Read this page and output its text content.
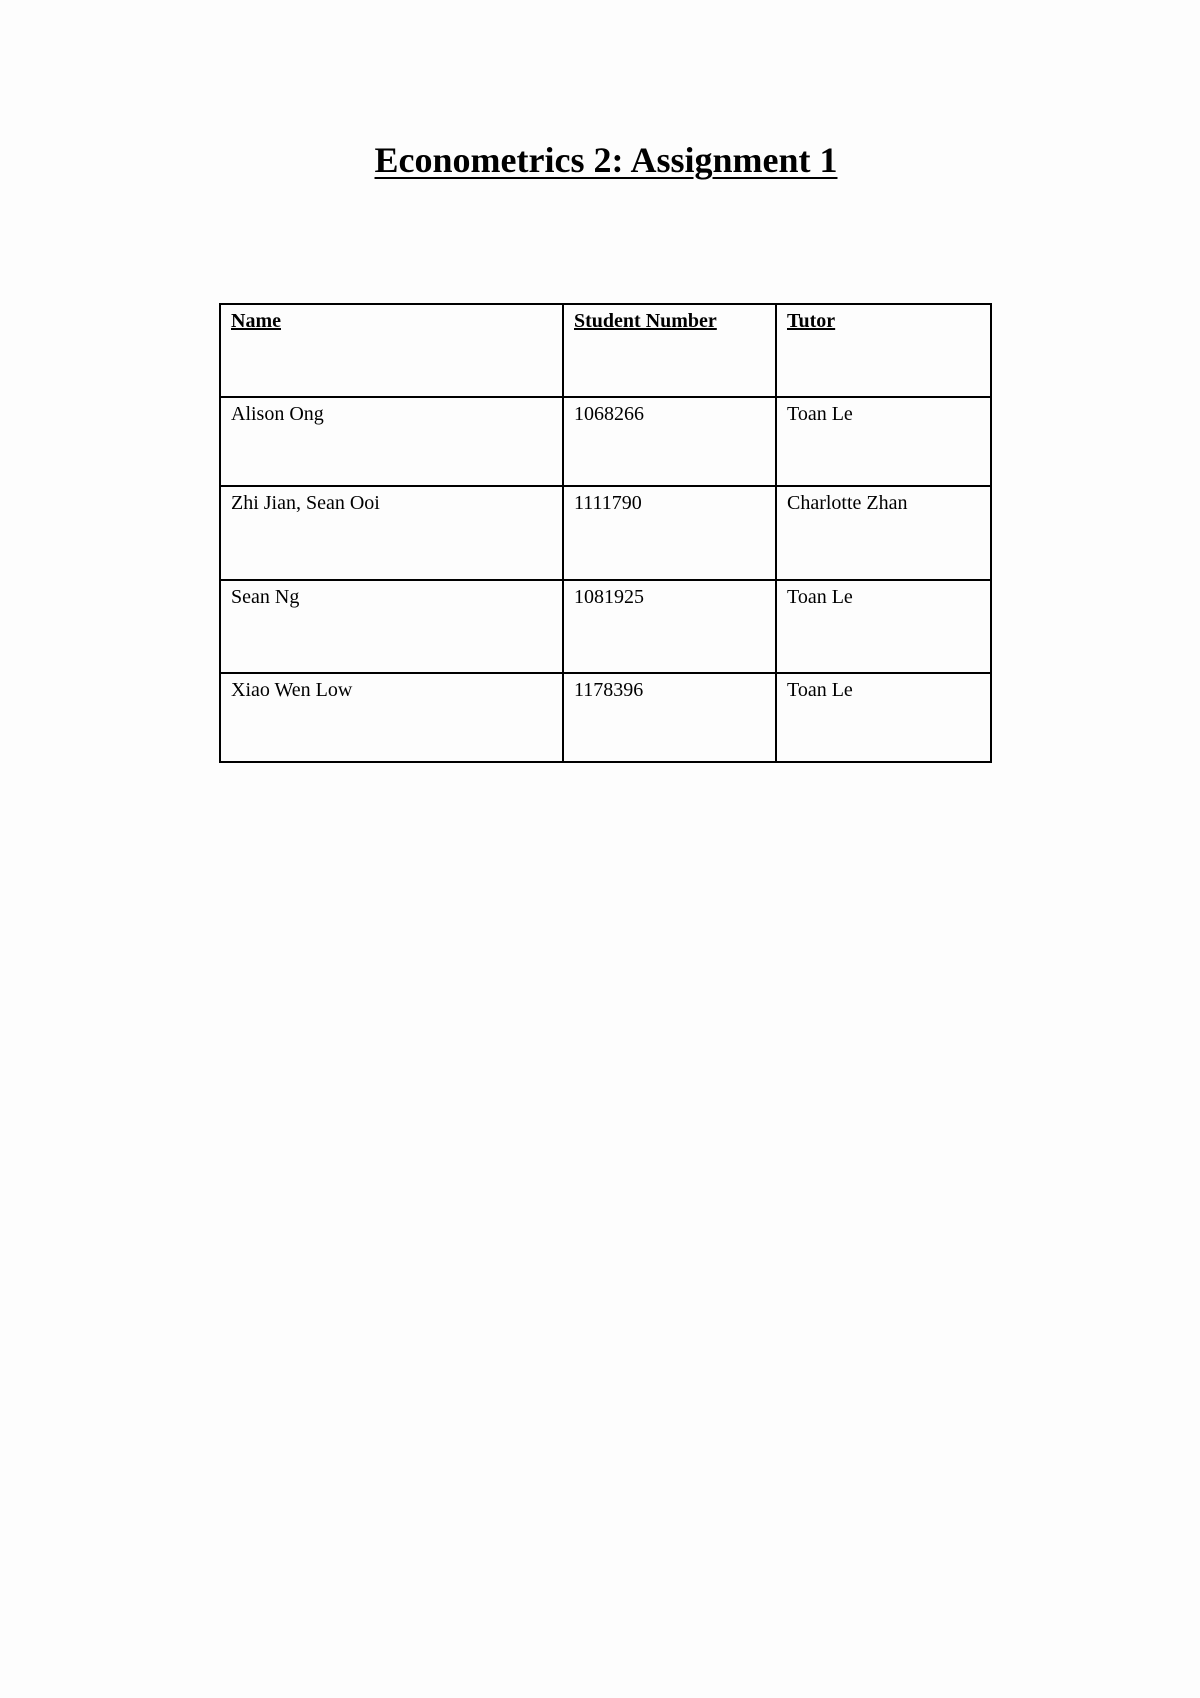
Econometrics 2: Assignment 1
Name	Student Number	Tutor
Alison Ong	1068266	Toan Le
Zhi Jian, Sean Ooi	1111790	Charlotte Zhan
Sean Ng	1081925	Toan Le
Xiao Wen Low	1178396	Toan Le
